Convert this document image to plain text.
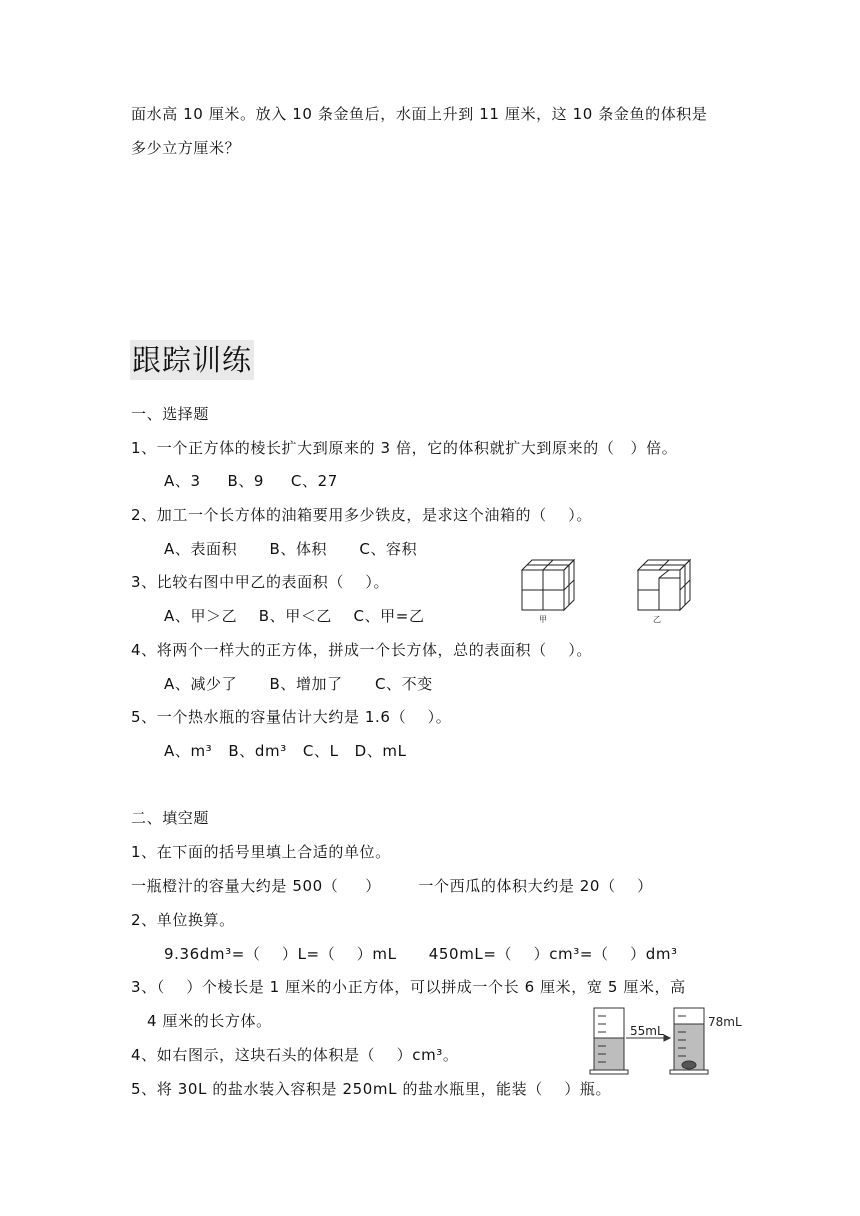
面水高 10 厘米。放入 10 条金鱼后，水面上升到 11 厘米，这 10 条金鱼的体积是
多少立方厘米？
跟踪训练
一、选择题
1、一个正方体的棱长扩大到原来的 3 倍，它的体积就扩大到原来的（   ）倍。
A、3     B、9     C、27
2、加工一个长方体的油箱要用多少铁皮，是求这个油箱的（    ）。
A、表面积      B、体积      C、容积
3、比较右图中甲乙的表面积（    ）。
A、甲＞乙    B、甲＜乙    C、甲=乙
4、将两个一样大的正方体，拼成一个长方体，总的表面积（    ）。
A、减少了      B、增加了      C、不变
5、一个热水瓶的容量估计大约是 1.6（    ）。
A、m³   B、dm³   C、L   D、mL
甲	乙
二、填空题
1、在下面的括号里填上合适的单位。
一瓶橙汁的容量大约是 500（     ）       一个西瓜的体积大约是 20（    ）
2、单位换算。
9.36dm³=（    ）L=（    ）mL      450mL=（    ）cm³=（    ）dm³
3、（    ）个棱长是 1 厘米的小正方体，可以拼成一个长 6 厘米，宽 5 厘米，高
4 厘米的长方体。
4、如右图示，这块石头的体积是（    ）cm³。
5、将 30L 的盐水装入容积是 250mL 的盐水瓶里，能装（    ）瓶。
55mL
78mL
